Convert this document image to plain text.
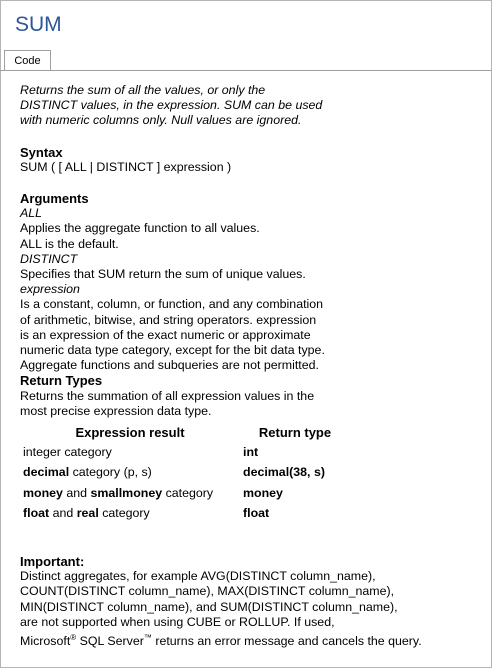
SUM
Code
Returns the sum of all the values, or only the
DISTINCT values, in the expression. SUM can be used
with numeric columns only. Null values are ignored.
Syntax
SUM ( [ ALL | DISTINCT ] expression )
Arguments
ALL
Applies the aggregate function to all values.
ALL is the default.
DISTINCT
Specifies that SUM return the sum of unique values.
expression
Is a constant, column, or function, and any combination
of arithmetic, bitwise, and string operators. expression
is an expression of the exact numeric or approximate
numeric data type category, except for the bit data type.
Aggregate functions and subqueries are not permitted.
Return Types
Returns the summation of all expression values in the
most precise expression data type.
Expression result	Return type
integer category	int
decimal category (p, s)	decimal(38, s)
money and smallmoney category	money
float and real category	float
Important:
Distinct aggregates, for example AVG(DISTINCT column_name),
COUNT(DISTINCT column_name), MAX(DISTINCT column_name),
MIN(DISTINCT column_name), and SUM(DISTINCT column_name),
are not supported when using CUBE or ROLLUP. If used,
Microsoft® SQL Server™ returns an error message and cancels the query.
